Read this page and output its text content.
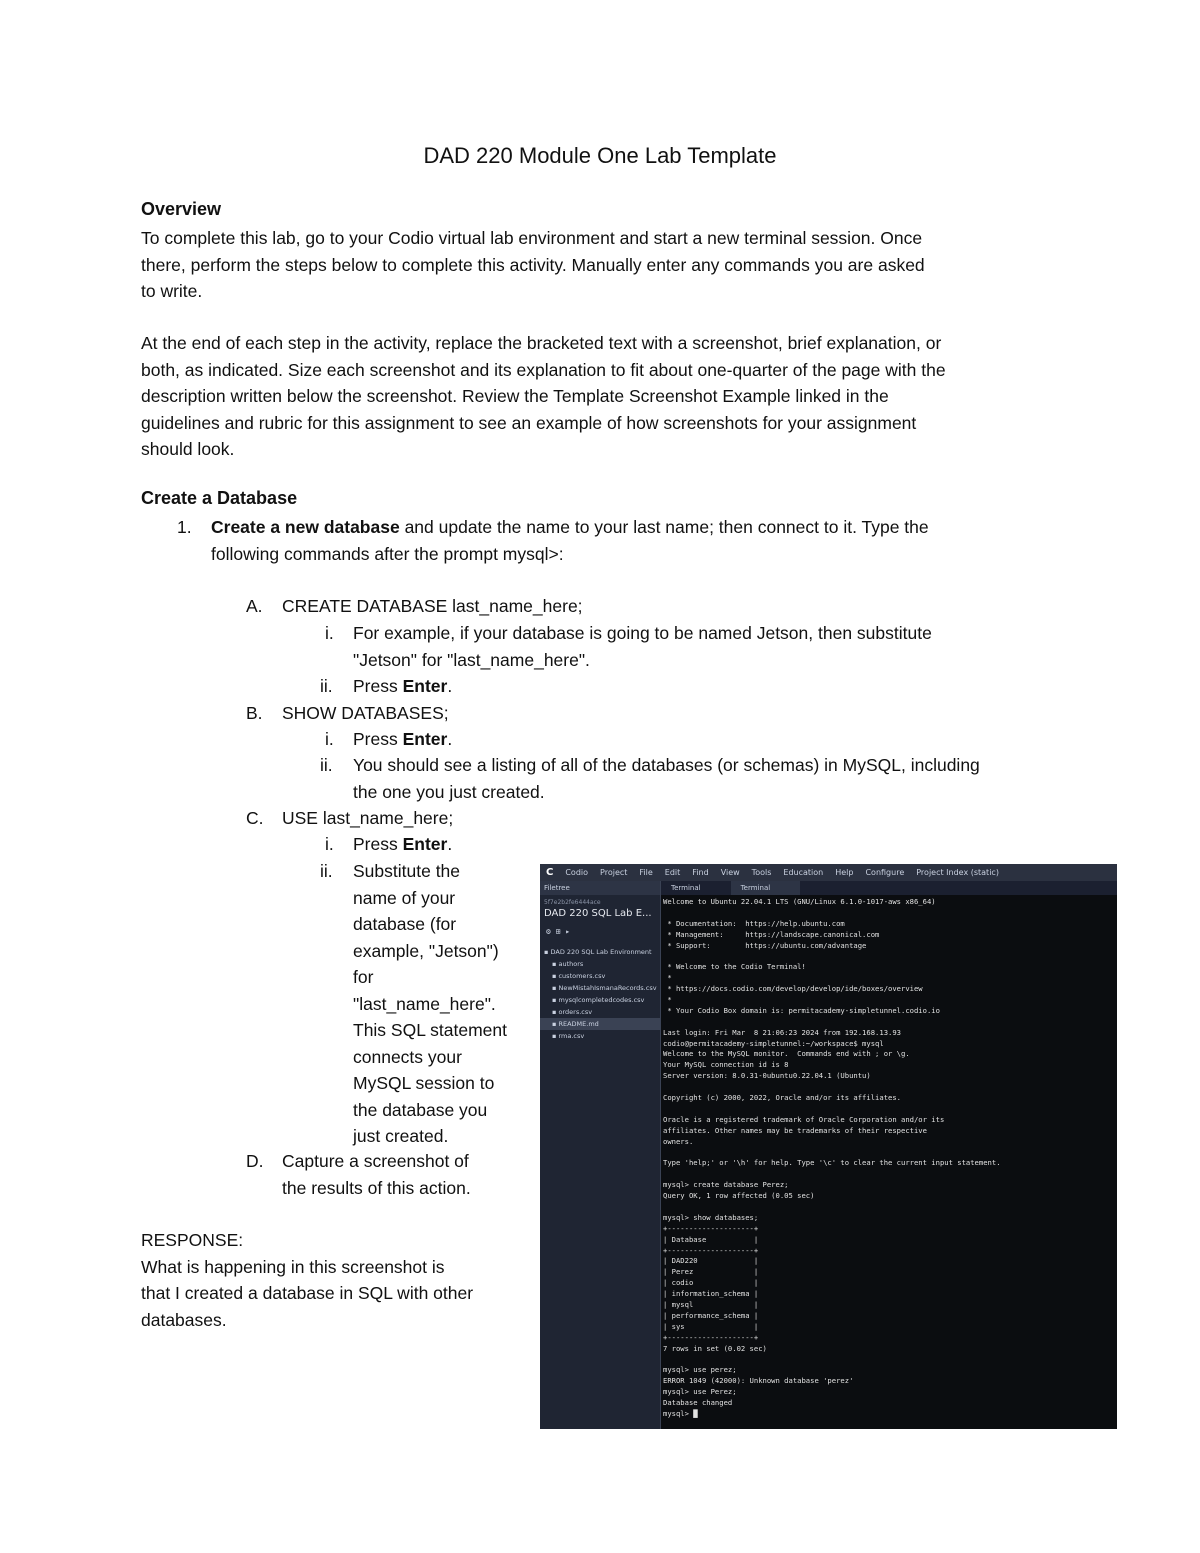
DAD 220 Module One Lab Template
Overview

To complete this lab, go to your Codio virtual lab environment and start a new terminal session. Once

there, perform the steps below to complete this activity. Manually enter any commands you are asked

to write.

At the end of each step in the activity, replace the bracketed text with a screenshot, brief explanation, or

both, as indicated. Size each screenshot and its explanation to fit about one-quarter of the page with the

description written below the screenshot. Review the Template Screenshot Example linked in the

guidelines and rubric for this assignment to see an example of how screenshots for your assignment

should look.

Create a Database
1. Create a new database and update the name to your last name; then connect to it. Type the

following commands after the prompt mysql>:

A. CREATE DATABASE last_name_here;

i. For example, if your database is going to be named Jetson, then substitute

"Jetson" for "last_name_here".

ii. Press Enter.

B. SHOW DATABASES;

i. Press Enter.

ii. You should see a listing of all of the databases (or schemas) in MySQL, including

the one you just created.

C. USE last_name_here;

i. Press Enter.

ii. Substitute the
name of your
database (for
example, "Jetson")
for
"last_name_here".
This SQL statement
connects your
MySQL session to
the database you
just created.
D. Capture a screenshot of
the results of this action.

RESPONSE:

What is happening in this screenshot is

that I created a database in SQL with other

databases.

C Codio Project File Edit Find View Tools Education Help Configure Project Index (static)
Filetree
5f7e2b2fe6444ace
DAD 220 SQL Lab E...
⚙ ⊞ ▸
▪ DAD 220 SQL Lab Environment
▪ authors
▪ customers.csv
▪ NewMistahIsmanaRecords.csv
▪ mysqlcompletedcodes.csv
▪ orders.csv
▪ README.md
▪ rma.csv
Terminal	Terminal
Welcome to Ubuntu 22.04.1 LTS (GNU/Linux 6.1.0-1017-aws x86_64)
* Documentation:  https://help.ubuntu.com
* Management:     https://landscape.canonical.com
* Support:        https://ubuntu.com/advantage
* Welcome to the Codio Terminal!
*
* https://docs.codio.com/develop/develop/ide/boxes/overview
*
* Your Codio Box domain is: permitacademy-simpletunnel.codio.io
Last login: Fri Mar  8 21:06:23 2024 from 192.168.13.93
codio@permitacademy-simpletunnel:~/workspace$ mysql
Welcome to the MySQL monitor.  Commands end with ; or \g.
Your MySQL connection id is 8
Server version: 8.0.31-0ubuntu0.22.04.1 (Ubuntu)
Copyright (c) 2000, 2022, Oracle and/or its affiliates.
Oracle is a registered trademark of Oracle Corporation and/or its
affiliates. Other names may be trademarks of their respective
owners.
Type 'help;' or '\h' for help. Type '\c' to clear the current input statement.
mysql> create database Perez;
Query OK, 1 row affected (0.05 sec)
mysql> show databases;
+--------------------+
| Database           |
+--------------------+
| DAD220             |
| Perez              |
| codio              |
| information_schema |
| mysql              |
| performance_schema |
| sys                |
+--------------------+
7 rows in set (0.02 sec)
mysql> use perez;
ERROR 1049 (42000): Unknown database 'perez'
mysql> use Perez;
Database changed
mysql> █
